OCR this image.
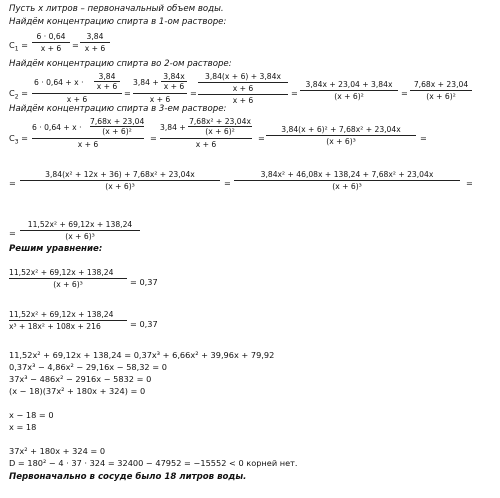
Пусть x литров – первоначальный объем воды.
Найдём концентрацию спирта в 1-ом растворе:
$C_1$ =
6 · 0,64
x + 6	=
3,84
x + 6
Найдём концентрацию спирта во 2-ом растворе:
$C_2$ =
6 · 0,64 + x ·
3,84
x + 6
x + 6
=
3,84 +
3,84x
x + 6
x + 6
=
3,84(x + 6) + 3,84x
x + 6
x + 6
=
3,84x + 23,04 + 3,84x
(x + 6)²	=
7,68x + 23,04
(x + 6)²
Найдём концентрацию спирта в 3-ем растворе:
$C_3$ =
6 · 0,64 + x ·
7,68x + 23,04
(x + 6)²
x + 6
=
3,84 +
7,68x² + 23,04x
(x + 6)²
x + 6
=
3,84(x + 6)² + 7,68x² + 23,04x
(x + 6)³	=
=
3,84(x² + 12x + 36) + 7,68x² + 23,04x
(x + 6)³	=
3,84x² + 46,08x + 138,24 + 7,68x² + 23,04x
(x + 6)³	=
=
11,52x² + 69,12x + 138,24
(x + 6)³
Решим уравнение:
11,52x² + 69,12x + 138,24
(x + 6)³	= 0,37
11,52x² + 69,12x + 138,24
x³ + 18x² + 108x + 216	= 0,37
11,52x² + 69,12x + 138,24 = 0,37x³ + 6,66x² + 39,96x + 79,92
0,37x³ − 4,86x² − 29,16x − 58,32 = 0
37x³ − 486x² − 2916x − 5832 = 0
(x − 18)(37x² + 180x + 324) = 0
x − 18 = 0
x = 18
37x² + 180x + 324 = 0
D = 180² − 4 · 37 · 324 = 32400 − 47952 = −15552 < 0 корней нет.
Первоначально в сосуде было 18 литров воды.
